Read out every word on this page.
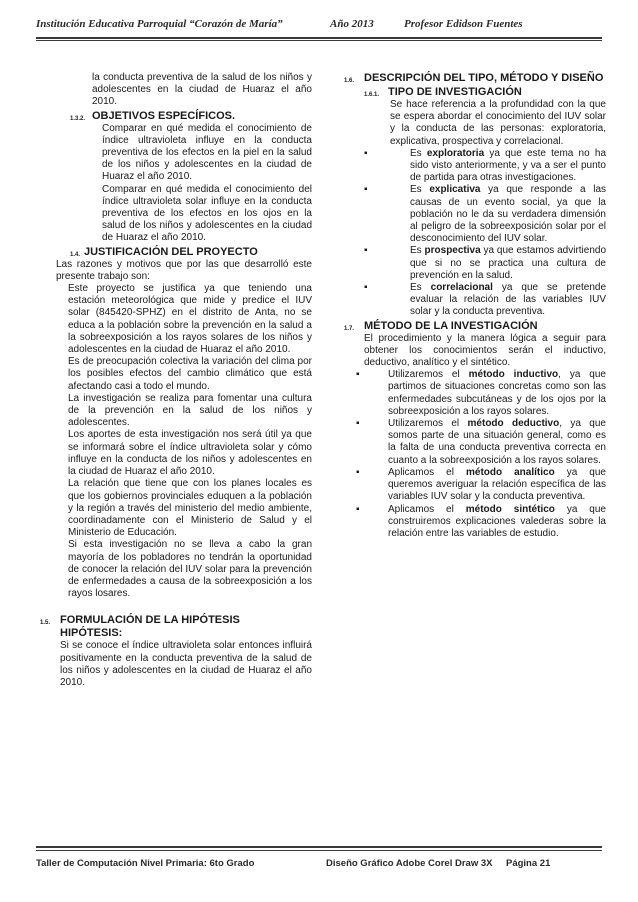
Institución Educativa Parroquial “Corazón de María”	Año 2013	Profesor Edidson Fuentes

la conducta preventiva de la salud de los niños y adolescentes en la ciudad de Huaraz el año 2010.

1.3.2. OBJETIVOS ESPECÍFICOS.

Comparar en qué medida el conocimiento de índice ultravioleta influye en la conducta preventiva de los efectos en la piel en la salud de los niños y adolescentes en la ciudad de Huaraz el año 2010.

Comparar en qué medida el conocimiento del índice ultravioleta solar influye en la conducta preventiva de los efectos en los ojos en la salud de los niños y adolescentes en la ciudad de Huaraz el año 2010.

1.4. JUSTIFICACIÓN DEL PROYECTO

Las razones y motivos que por las que desarrolló este presente trabajo son:

Este proyecto se justifica ya que teniendo una estación meteorológica que mide y predice el IUV solar (845420-SPHZ) en el distrito de Anta, no se educa a la población sobre la prevención en la salud a la sobreexposición a los rayos solares de los niños y adolescentes en la ciudad de Huaraz el año 2010.

Es de preocupación colectiva la variación del clima por los posibles efectos del cambio climático que está afectando casi a todo el mundo.

La investigación se realiza para fomentar una cultura de la prevención en la salud de los niños y adolescentes.

Los aportes de esta investigación nos será útil ya que se informará sobre el índice ultravioleta solar y cómo influye en la conducta de los niños y adolescentes en la ciudad de Huaraz el año 2010.

La relación que tiene que con los planes locales es que los gobiernos provinciales eduquen a la población y la región a través del ministerio del medio ambiente, coordinadamente con el Ministerio de Salud y el Ministerio de Educación.

Si esta investigación no se lleva a cabo la gran mayoría de los pobladores no tendrán la oportunidad de conocer la relación del IUV solar para la prevención de enfermedades a causa de la sobreexposición a los rayos losares.

1.5. FORMULACIÓN DE LA HIPÓTESIS
HIPÓTESIS:

Si se conoce el índice ultravioleta solar entonces influirá positivamente en la conducta preventiva de la salud de los niños y adolescentes en la ciudad de Huaraz el año 2010.

1.6. DESCRIPCIÓN DEL TIPO, MÉTODO Y DISEÑO
1.6.1. TIPO DE INVESTIGACIÓN

Se hace referencia a la profundidad con la que se espera abordar el conocimiento del IUV solar y la conducta de las personas: exploratoria, explicativa, prospectiva y correlacional.

▪ Es exploratoria ya que este tema no ha sido visto anteriormente, y va a ser el punto de partida para otras investigaciones.

▪ Es explicativa ya que responde a las causas de un evento social, ya que la población no le da su verdadera dimensión al peligro de la sobreexposición solar por el desconocimiento del IUV solar.

▪ Es prospectiva ya que estamos advirtiendo que si no se practica una cultura de prevención en la salud.

▪ Es correlacional ya que se pretende evaluar la relación de las variables IUV solar y la conducta preventiva.

1.7. MÉTODO DE LA INVESTIGACIÓN

El procedimiento y la manera lógica a seguir para obtener los conocimientos serán el inductivo, deductivo, analítico y el sintético.

▪ Utilizaremos el método inductivo, ya que partimos de situaciones concretas como son las enfermedades subcutáneas y de los ojos por la sobreexposición a los rayos solares.

▪ Utilizaremos el método deductivo, ya que somos parte de una situación general, como es la falta de una conducta preventiva correcta en cuanto a la sobreexposición a los rayos solares.

▪ Aplicamos el método analítico ya que queremos averiguar la relación específica de las variables IUV solar y la conducta preventiva.

▪ Aplicamos el método sintético ya que construiremos explicaciones valederas sobre la relación entre las variables de estudio.

Taller de Computación Nivel Primaria: 6to Grado	Diseño Gráfico Adobe Corel Draw 3X Página 21
